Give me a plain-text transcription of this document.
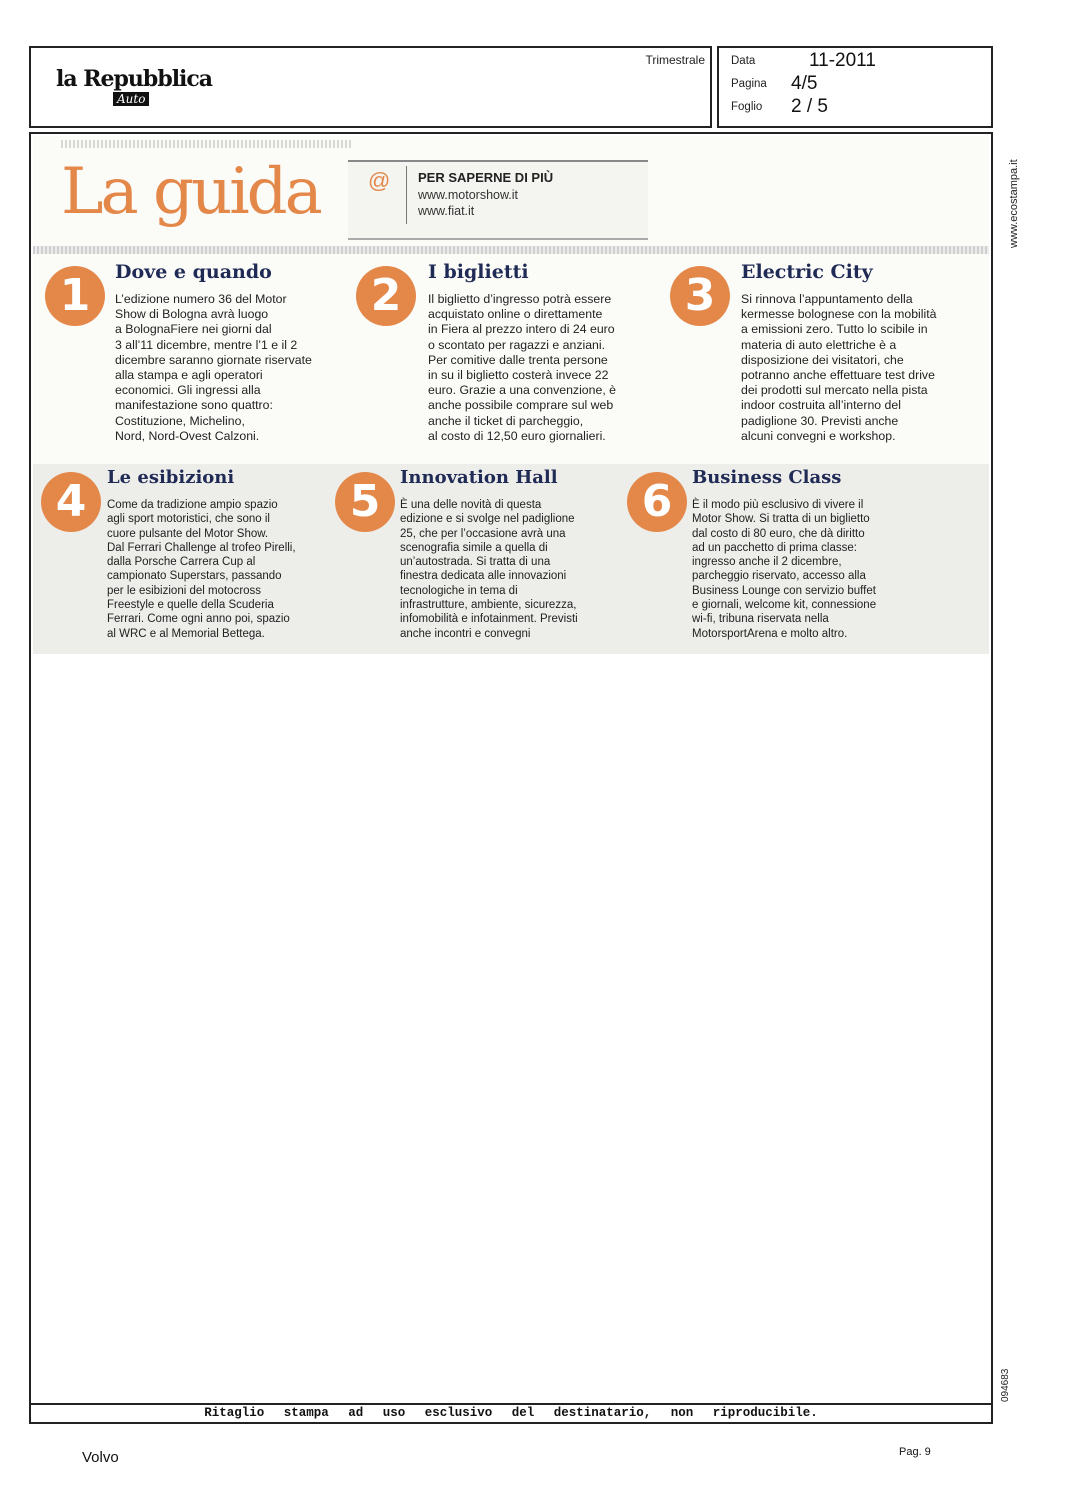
la Repubblica
Auto
Trimestrale Data	11-2011
Pagina 4/5
Foglio 2 / 5
La guida @ PER SAPERNE DI PIÙ
www.motorshow.it
www.fiat.it
1	Dove e quando

L’edizione numero 36 del Motor

Show di Bologna avrà luogo

a BolognaFiere nei giorni dal

3 all’11 dicembre, mentre l’1 e il 2

dicembre saranno giornate riservate

alla stampa e agli operatori

economici. Gli ingressi alla

manifestazione sono quattro:

Costituzione, Michelino,

Nord, Nord-Ovest Calzoni.

2	I biglietti

Il biglietto d’ingresso potrà essere

acquistato online o direttamente

in Fiera al prezzo intero di 24 euro

o scontato per ragazzi e anziani.

Per comitive dalle trenta persone

in su il biglietto costerà invece 22

euro. Grazie a una convenzione, è

anche possibile comprare sul web

anche il ticket di parcheggio,

al costo di 12,50 euro giornalieri.

3	Electric City

Si rinnova l’appuntamento della

kermesse bolognese con la mobilità

a emissioni zero. Tutto lo scibile in

materia di auto elettriche è a

disposizione dei visitatori, che

potranno anche effettuare test drive

dei prodotti sul mercato nella pista

indoor costruita all’interno del

padiglione 30. Previsti anche

alcuni convegni e workshop.

4	Le esibizioni

Come da tradizione ampio spazio

agli sport motoristici, che sono il

cuore pulsante del Motor Show.

Dal Ferrari Challenge al trofeo Pirelli,

dalla Porsche Carrera Cup al

campionato Superstars, passando

per le esibizioni del motocross

Freestyle e quelle della Scuderia

Ferrari. Come ogni anno poi, spazio

al WRC e al Memorial Bettega.

5	Innovation Hall

È una delle novità di questa

edizione e si svolge nel padiglione

25, che per l’occasione avrà una

scenografia simile a quella di

un’autostrada. Si tratta di una

finestra dedicata alle innovazioni

tecnologiche in tema di

infrastrutture, ambiente, sicurezza,

infomobilità e infotainment. Previsti

anche incontri e convegni

6	Business Class

È il modo più esclusivo di vivere il

Motor Show. Si tratta di un biglietto

dal costo di 80 euro, che dà diritto

ad un pacchetto di prima classe:

ingresso anche il 2 dicembre,

parcheggio riservato, accesso alla

Business Lounge con servizio buffet

e giornali, welcome kit, connessione

wi-fi, tribuna riservata nella

MotorsportArena e molto altro.

www.ecostampa.it
094683
Ritaglio stampa ad uso esclusivo del destinatario, non riproducibile.
Volvo	Pag. 9
